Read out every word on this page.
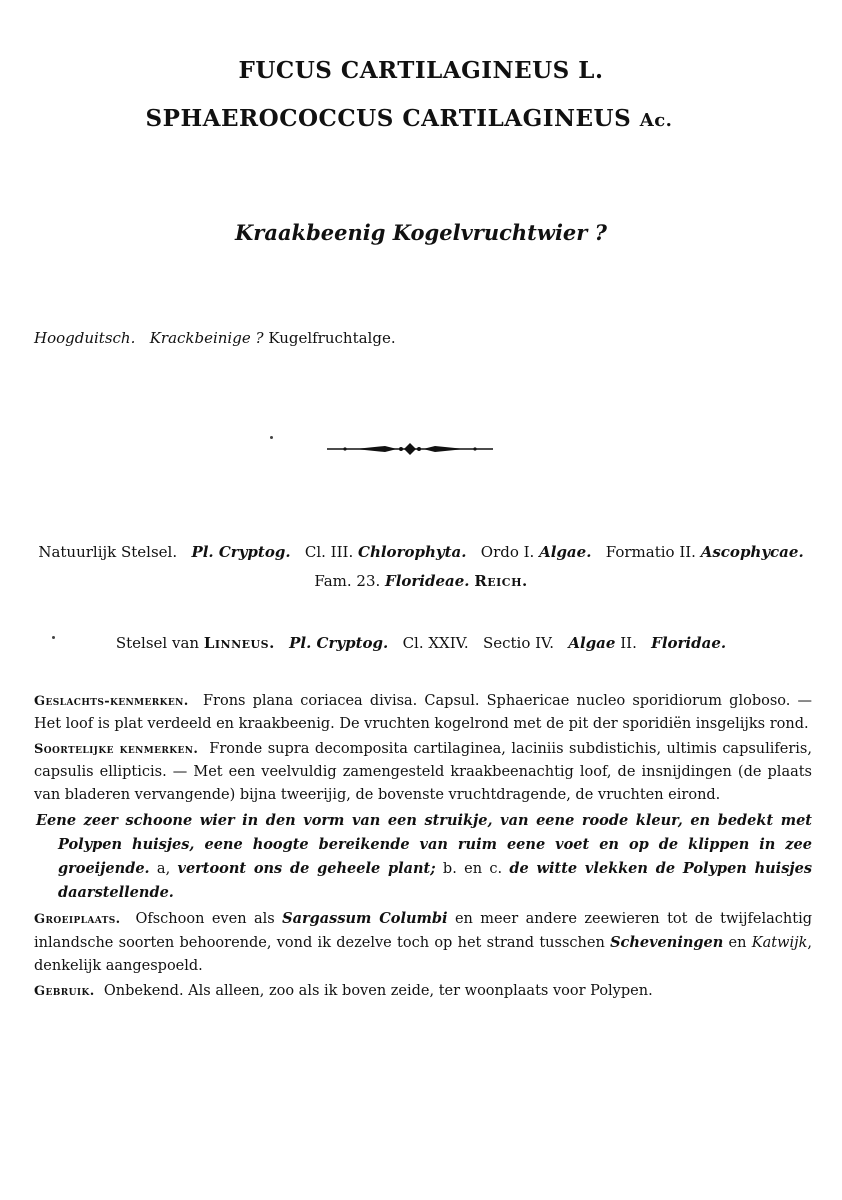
FUCUS CARTILAGINEUS L.
SPHAEROCOCCUS CARTILAGINEUS Ac.
Kraakbeenig Kogelvruchtwier ?
Hoogduitsch. Krackbeinige ? Kugelfruchtalge.
Natuurlijk Stelsel. Pl. Cryptog. Cl. III. Chlorophyta. Ordo I. Algae. Formatio II. Ascophycae.
Fam. 23. Florideae. Reich.
Stelsel van Linneus. Pl. Cryptog. Cl. XXIV. Sectio IV. Algae II. Floridae.

Geslachts-kenmerken. Frons plana coriacea divisa. Capsul. Sphaericae nucleo sporidiorum globoso. — Het loof is plat verdeeld en kraakbeenig. De vruchten kogelrond met de pit der sporidiën insgelijks rond.

Soortelijke kenmerken. Fronde supra decomposita cartilaginea, laciniis subdistichis, ultimis capsuliferis, capsulis ellipticis. — Met een veelvuldig zamengesteld kraakbeenachtig loof, de insnijdingen (de plaats van bladeren vervangende) bijna tweerijig, de bovenste vruchtdragende, de vruchten eirond.

Eene zeer schoone wier in den vorm van een struikje, van eene roode kleur, en bedekt met Polypen huisjes, eene hoogte bereikende van ruim eene voet en op de klippen in zee groeijende. a, vertoont ons de geheele plant; b. en c. de witte vlekken de Polypen huisjes daarstellende.

Groeiplaats. Ofschoon even als Sargassum Columbi en meer andere zeewieren tot de twijfelachtig inlandsche soorten behoorende, vond ik dezelve toch op het strand tusschen Scheveningen en Katwijk, denkelijk aangespoeld.

Gebruik. Onbekend. Als alleen, zoo als ik boven zeide, ter woonplaats voor Polypen.
